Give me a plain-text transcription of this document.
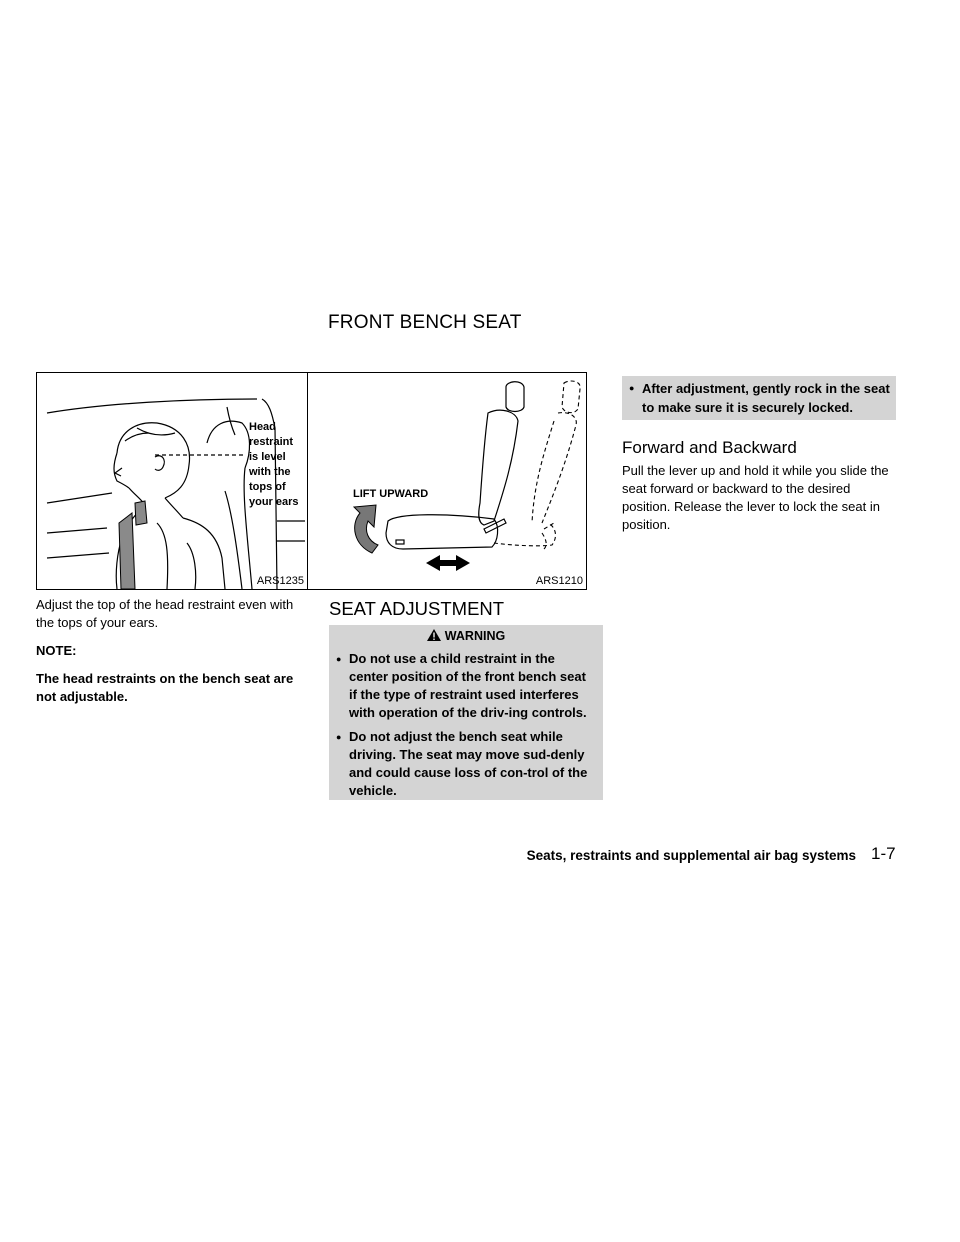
FRONT BENCH SEAT
Head
restraint
is level
with the
tops of
your ears
ARS1235
LIFT UPWARD
ARS1210

Adjust the top of the head restraint even with the tops of your ears.

NOTE:

The head restraints on the bench seat are not adjustable.

SEAT ADJUSTMENT
WARNING

● Do not use a child restraint in the center position of the front bench seat if the type of restraint used interferes with operation of the driv-ing controls.

● Do not adjust the bench seat while driving. The seat may move sud-denly and could cause loss of con-trol of the vehicle.

● After adjustment, gently rock in the seat to make sure it is securely locked.

Forward and Backward

Pull the lever up and hold it while you slide the seat forward or backward to the desired position. Release the lever to lock the seat in position.

Seats, restraints and supplemental air bag systems 1-7
